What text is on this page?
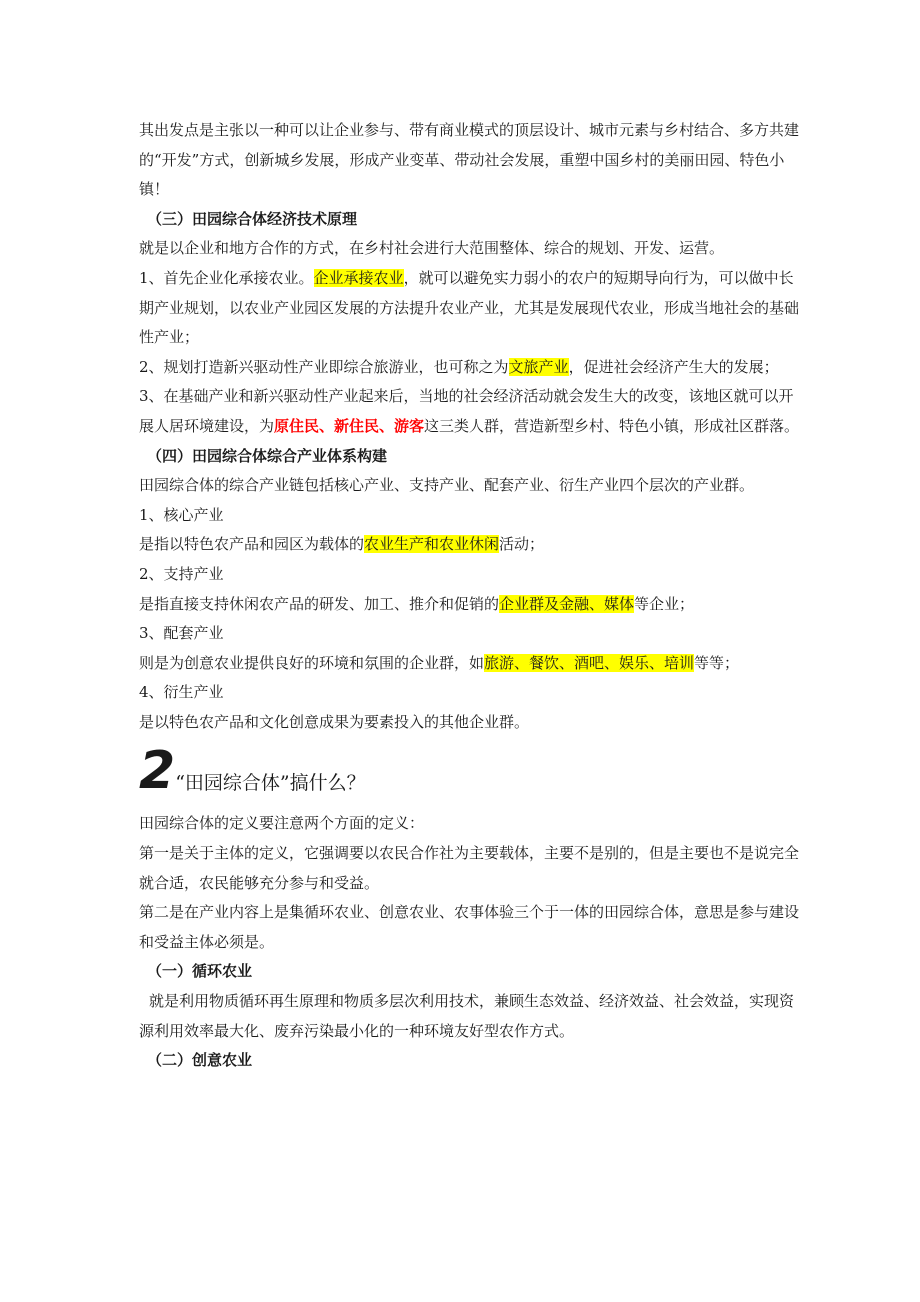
其出发点是主张以一种可以让企业参与、带有商业模式的顶层设计、城市元素与乡村结合、多方共建的“开发”方式，创新城乡发展，形成产业变革、带动社会发展，重塑中国乡村的美丽田园、特色小镇！

（三）田园综合体经济技术原理

就是以企业和地方合作的方式，在乡村社会进行大范围整体、综合的规划、开发、运营。

1、首先企业化承接农业。企业承接农业，就可以避免实力弱小的农户的短期导向行为，可以做中长期产业规划，以农业产业园区发展的方法提升农业产业，尤其是发展现代农业，形成当地社会的基础性产业；

2、规划打造新兴驱动性产业即综合旅游业，也可称之为文旅产业，促进社会经济产生大的发展；

3、在基础产业和新兴驱动性产业起来后，当地的社会经济活动就会发生大的改变，该地区就可以开展人居环境建设，为原住民、新住民、游客这三类人群，营造新型乡村、特色小镇，形成社区群落。

（四）田园综合体综合产业体系构建

田园综合体的综合产业链包括核心产业、支持产业、配套产业、衍生产业四个层次的产业群。

1、核心产业

是指以特色农产品和园区为载体的农业生产和农业休闲活动；

2、支持产业

是指直接支持休闲农产品的研发、加工、推介和促销的企业群及金融、媒体等企业；

3、配套产业

则是为创意农业提供良好的环境和氛围的企业群，如旅游、餐饮、酒吧、娱乐、培训等等；

4、衍生产业

是以特色农产品和文化创意成果为要素投入的其他企业群。

2 “田园综合体”搞什么？

田园综合体的定义要注意两个方面的定义：

第一是关于主体的定义，它强调要以农民合作社为主要载体，主要不是别的，但是主要也不是说完全就合适，农民能够充分参与和受益。

第二是在产业内容上是集循环农业、创意农业、农事体验三个于一体的田园综合体，意思是参与建设和受益主体必须是。

（一）循环农业

就是利用物质循环再生原理和物质多层次利用技术，兼顾生态效益、经济效益、社会效益，实现资源利用效率最大化、废弃污染最小化的一种环境友好型农作方式。

（二）创意农业
